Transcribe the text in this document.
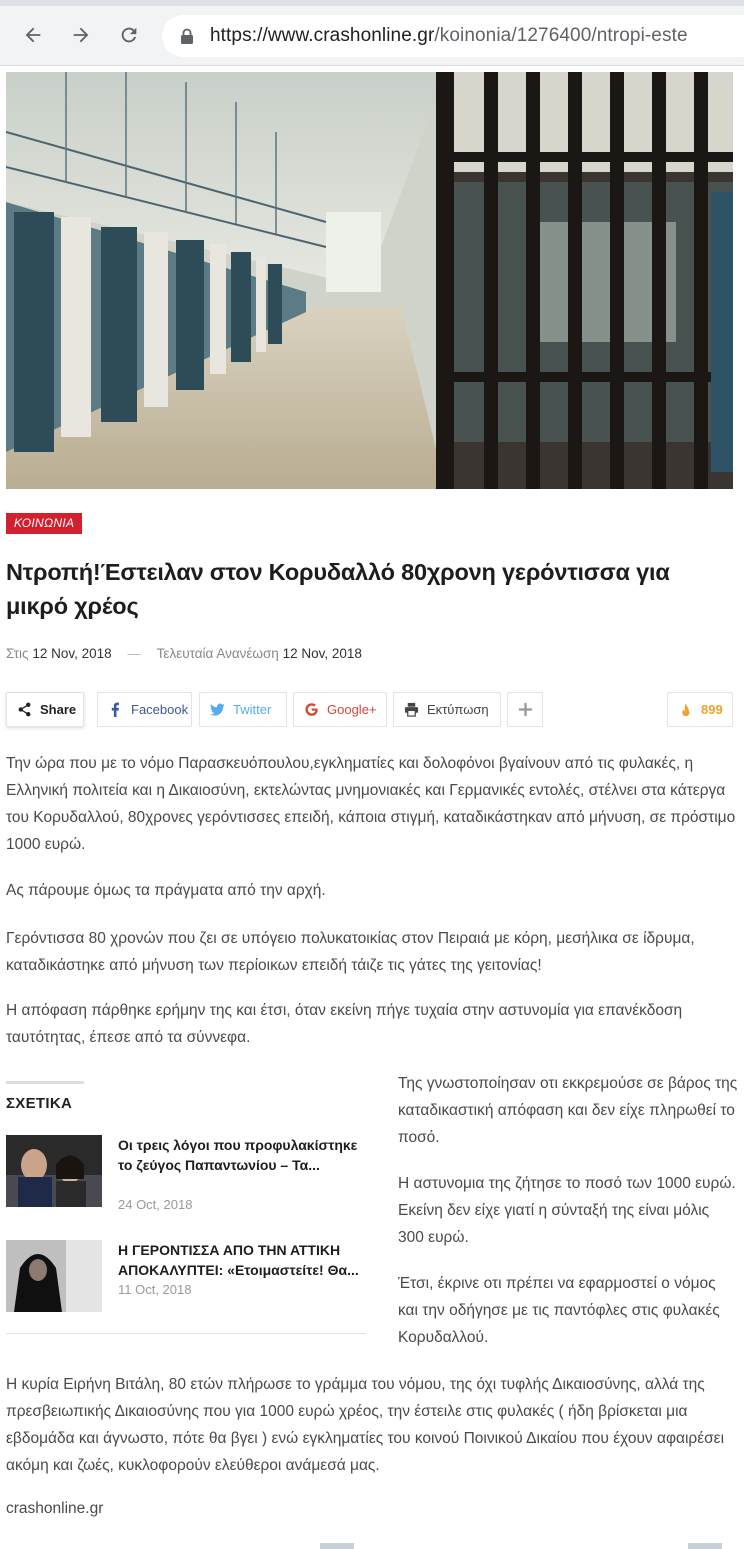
https://www.crashonline.gr/koinonia/1276400/ntropi-este
ΚΟΙΝΩΝΙΑ
Ντροπή!Έστειλαν στον Κορυδαλλό 80χρονη γερόντισσα για μικρό χρέος
Στις 12 Nov, 2018 — Τελευταία Ανανέωση 12 Nov, 2018
Share	Facebook	Twitter	Google+	Εκτύπωση	899

Την ώρα που με το νόμο Παρασκευόπουλου,εγκληματίες και δολοφόνοι βγαίνουν από τις φυλακές, η Ελληνική πολιτεία και η Δικαιοσύνη, εκτελώντας μνημονιακές και Γερμανικές εντολές, στέλνει στα κάτεργα του Κορυδαλλού, 80χρονες γερόντισσες επειδή, κάποια στιγμή, καταδικάστηκαν από μήνυση, σε πρόστιμο 1000 ευρώ.

Ας πάρουμε όμως τα πράγματα από την αρχή.

Γερόντισσα 80 χρονών που ζει σε υπόγειο πολυκατοικίας στον Πειραιά με κόρη, μεσήλικα σε ίδρυμα, καταδικάστηκε από μήνυση των περίοικων επειδή τάιζε τις γάτες της γειτονίας!

Η απόφαση πάρθηκε ερήμην της και έτσι, όταν εκείνη πήγε τυχαία στην αστυνομία για επανέκδοση ταυτότητας, έπεσε από τα σύννεφα.

ΣΧΕΤΙΚΑ
Οι τρεις λόγοι που προφυλακίστηκε το ζεύγος Παπαντωνίου – Τα...
24 Oct, 2018
Η ΓΕΡΟΝΤΙΣΣΑ ΑΠΟ ΤΗΝ ΑΤΤΙΚΗ ΑΠΟΚΑΛΥΠΤΕΙ: «Ετοιμαστείτε! Θα...
11 Oct, 2018

Της γνωστοποίησαν οτι εκκρεμούσε σε βάρος της καταδικαστική απόφαση και δεν είχε πληρωθεί το ποσό.

Η αστυνομια της ζήτησε το ποσό των 1000 ευρώ. Εκείνη δεν είχε γιατί η σύνταξή της είναι μόλις 300 ευρώ.

Έτσι, έκρινε οτι πρέπει να εφαρμοστεί ο νόμος και την οδήγησε με τις παντόφλες στις φυλακές Κορυδαλλού.

Η κυρία Ειρήνη Βιτάλη, 80 ετών πλήρωσε το γράμμα του νόμου, της όχι τυφλής Δικαιοσύνης, αλλά της πρεσβειωπικής Δικαιοσύνης που για 1000 ευρώ χρέος, την έστειλε στις φυλακές ( ήδη βρίσκεται μια εβδομάδα και άγνωστο, πότε θα βγει ) ενώ εγκληματίες του κοινού Ποινικού Δικαίου που έχουν αφαιρέσει ακόμη και ζωές, κυκλοφορούν ελεύθεροι ανάμεσά μας.

crashonline.gr
